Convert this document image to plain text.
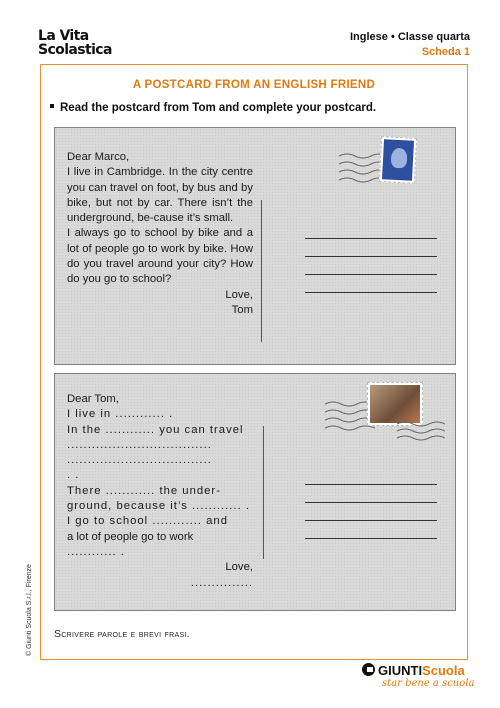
La Vita
Scolastica
Inglese • Classe quarta
Scheda 1
A POSTCARD FROM AN ENGLISH FRIEND
Read the postcard from Tom and complete your postcard.

Dear Marco,

I live in Cambridge. In the city centre you can travel on foot, by bus and by bike, but not by car. There isn’t the underground, be-cause it’s small.

I always go to school by bike and a lot of people go to work by bike. How do you travel around your city? How do you go to school?

Love,

Tom

Dear Tom,

I live in ............ .

In the ............ you can travel

...................................

...................................

. .

There ............ the under-

ground, because it’s ............ .

I go to school ............ and

a lot of people go to work

............ .

Love,

...............

Scrivere parole e brevi frasi.
© Giunti Scuola S.r.l., Firenze
GIUNTIScuola
star bene a scuola
